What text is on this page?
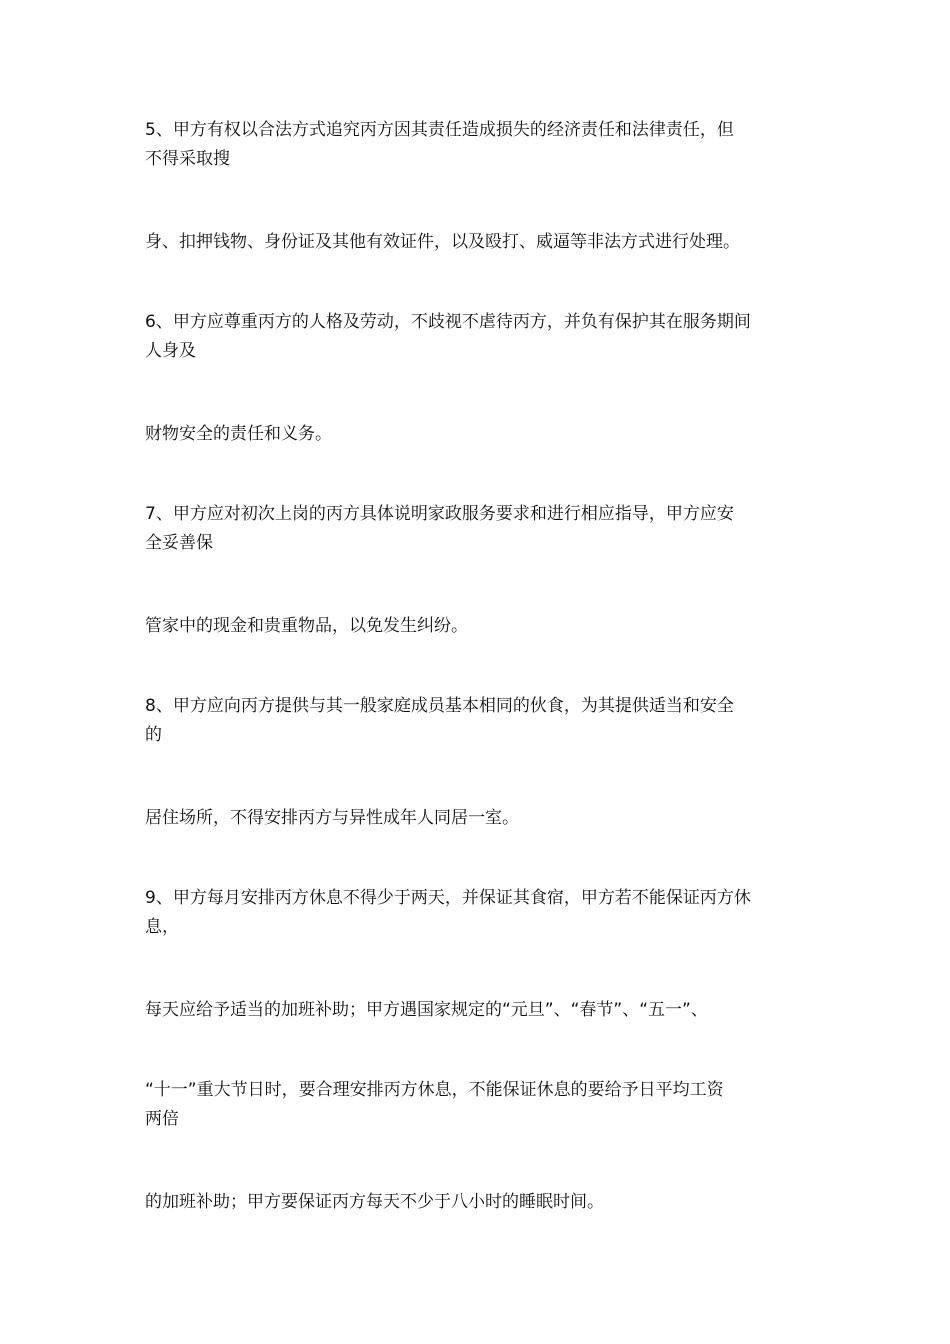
5、甲方有权以合法方式追究丙方因其责任造成损失的经济责任和法律责任，但
不得采取搜

身、扣押钱物、身份证及其他有效证件，以及殴打、威逼等非法方式进行处理。

6、甲方应尊重丙方的人格及劳动，不歧视不虐待丙方，并负有保护其在服务期间
人身及

财物安全的责任和义务。

7、甲方应对初次上岗的丙方具体说明家政服务要求和进行相应指导，甲方应安
全妥善保

管家中的现金和贵重物品，以免发生纠纷。

8、甲方应向丙方提供与其一般家庭成员基本相同的伙食，为其提供适当和安全
的

居住场所，不得安排丙方与异性成年人同居一室。

9、甲方每月安排丙方休息不得少于两天，并保证其食宿，甲方若不能保证丙方休
息，

每天应给予适当的加班补助；甲方遇国家规定的“元旦”、“春节”、“五一”、

“十一”重大节日时，要合理安排丙方休息，不能保证休息的要给予日平均工资
两倍

的加班补助；甲方要保证丙方每天不少于八小时的睡眠时间。
